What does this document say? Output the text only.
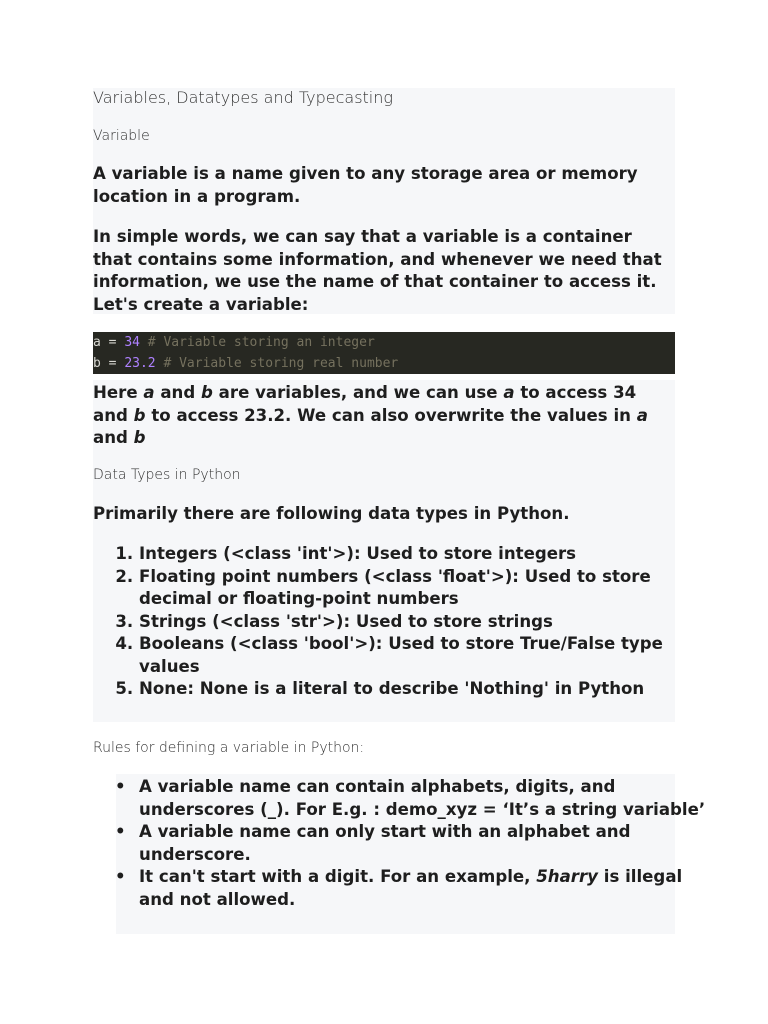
Variables, Datatypes and Typecasting
Variable

A variable is a name given to any storage area or memory location in a program.

In simple words, we can say that a variable is a container that contains some information, and whenever we need that information, we use the name of that container to access it. Let's create a variable:

a = 34 # Variable storing an integer
b = 23.2 # Variable storing real number

Here a and b are variables, and we can use a to access 34 and b to access 23.2. We can also overwrite the values in a and b

Data Types in Python

Primarily there are following data types in Python.

1. Integers (<class 'int'>): Used to store integers
2. Floating point numbers (<class 'float'>): Used to store decimal or floating-point numbers
3. Strings (<class 'str'>): Used to store strings
4. Booleans (<class 'bool'>): Used to store True/False type values
5. None: None is a literal to describe 'Nothing' in Python
Rules for defining a variable in Python:
• A variable name can contain alphabets, digits, and underscores (_). For E.g. : demo_xyz = ‘It’s a string variable’
• A variable name can only start with an alphabet and underscore.
• It can't start with a digit. For an example, 5harry is illegal and not allowed.
